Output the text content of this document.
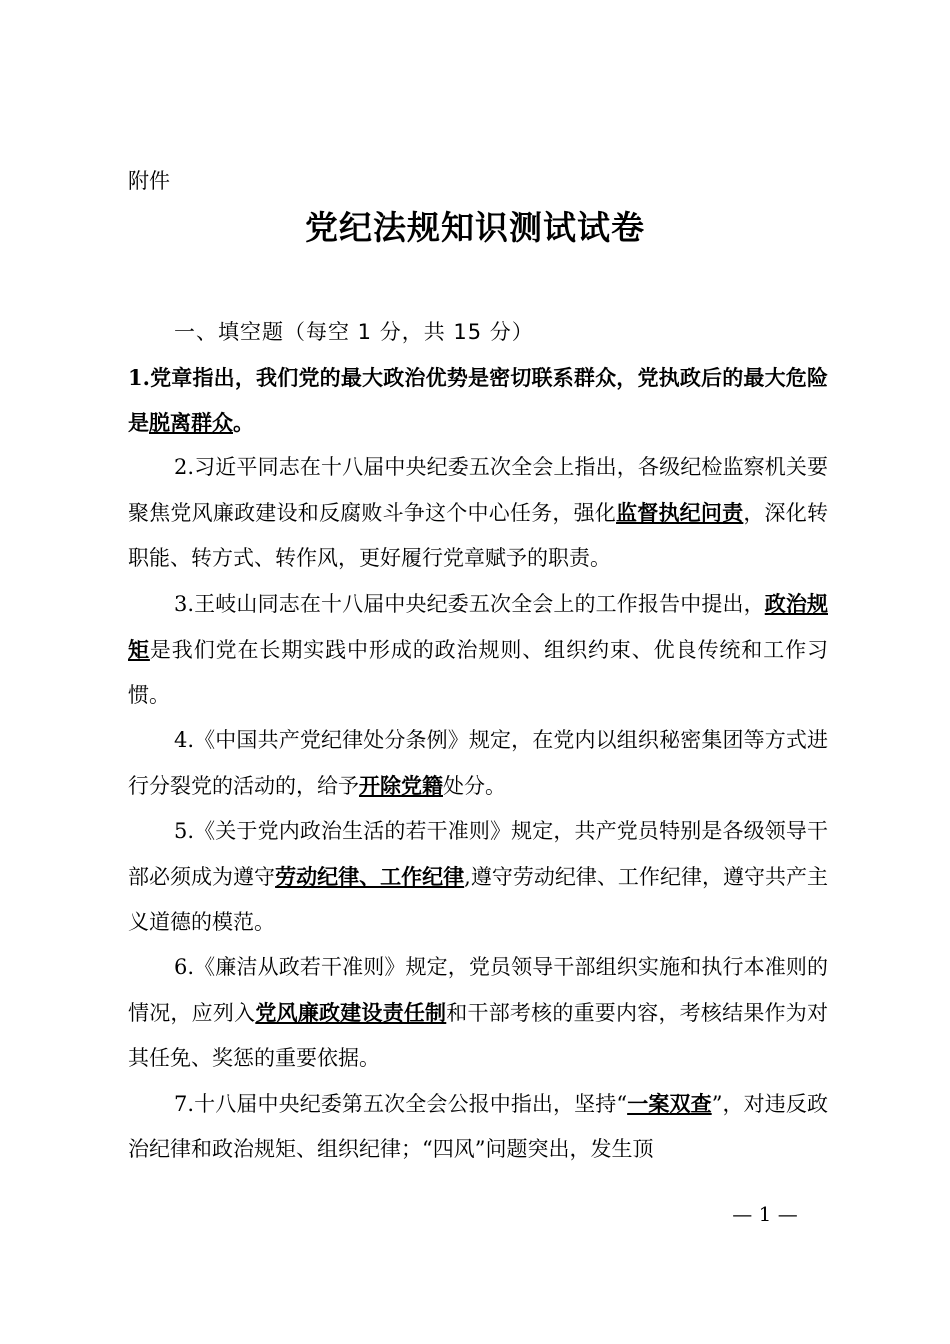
附件
党纪法规知识测试试卷

一、填空题（每空 1 分，共 15 分）

1.党章指出，我们党的最大政治优势是密切联系群众，党执政后的最大危险是脱离群众。

2.习近平同志在十八届中央纪委五次全会上指出，各级纪检监察机关要聚焦党风廉政建设和反腐败斗争这个中心任务，强化监督执纪问责，深化转职能、转方式、转作风，更好履行党章赋予的职责。

3.王岐山同志在十八届中央纪委五次全会上的工作报告中提出，政治规矩是我们党在长期实践中形成的政治规则、组织约束、优良传统和工作习惯。

4.《中国共产党纪律处分条例》规定，在党内以组织秘密集团等方式进行分裂党的活动的，给予开除党籍处分。

5.《关于党内政治生活的若干准则》规定，共产党员特别是各级领导干部必须成为遵守劳动纪律、工作纪律,遵守劳动纪律、工作纪律，遵守共产主义道德的模范。

6.《廉洁从政若干准则》规定，党员领导干部组织实施和执行本准则的情况，应列入党风廉政建设责任制和干部考核的重要内容，考核结果作为对其任免、奖惩的重要依据。

7.十八届中央纪委第五次全会公报中指出，坚持“一案双查”，对违反政治纪律和政治规矩、组织纪律；“四风”问题突出，发生顶

— 1 —
